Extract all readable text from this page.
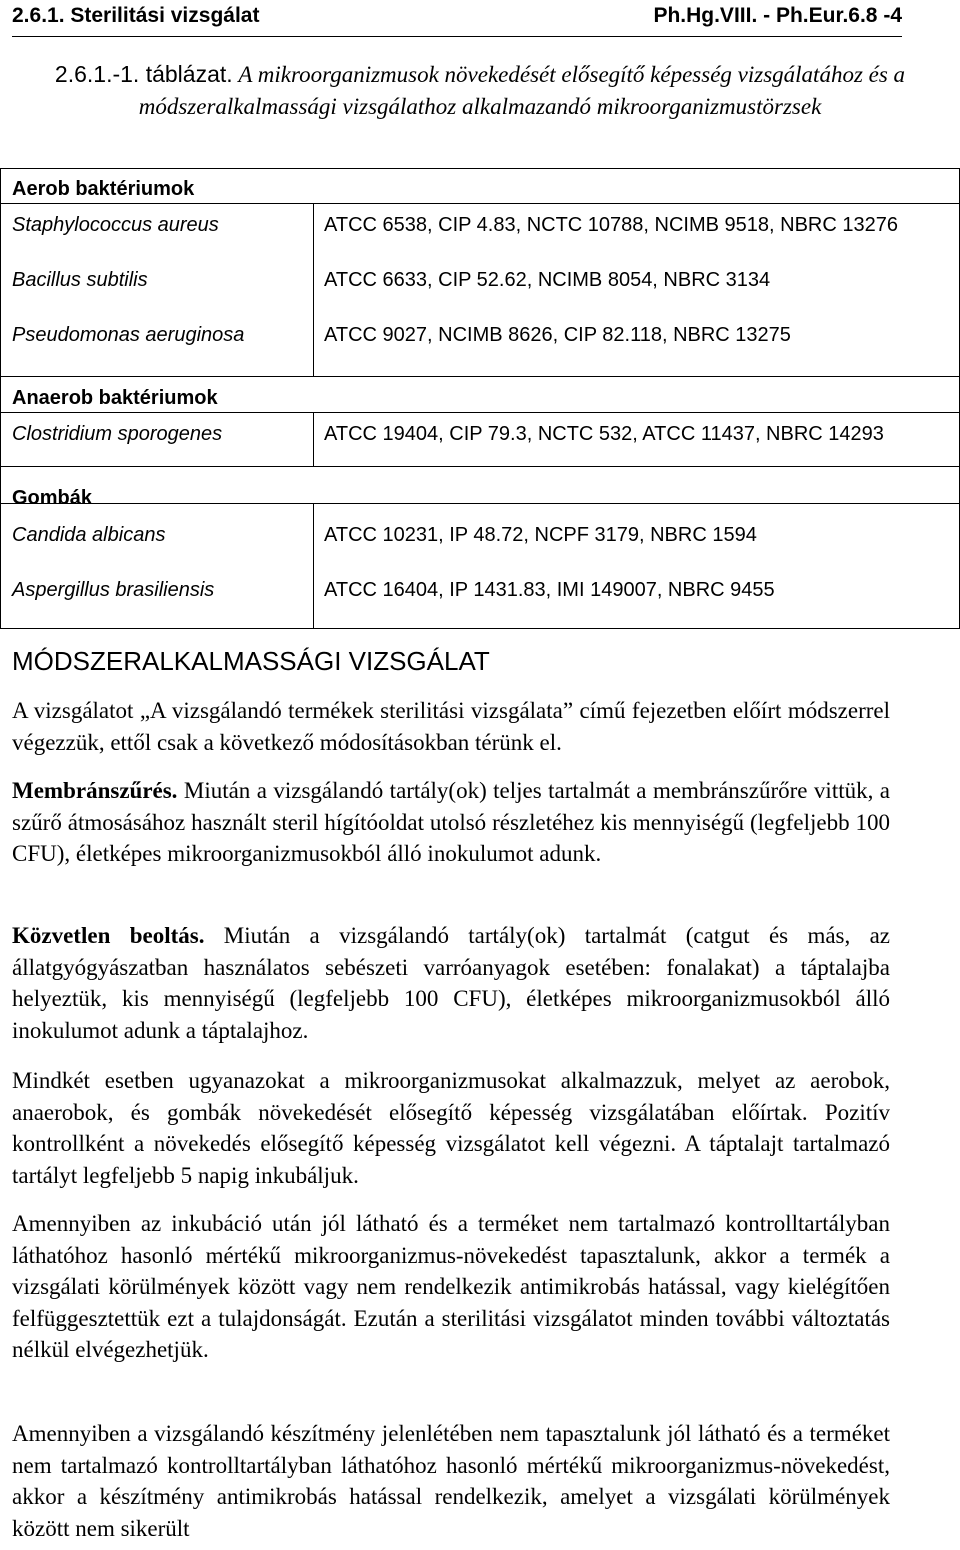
2.6.1. Sterilitási vizsgálat	Ph.Hg.VIII. - Ph.Eur.6.8 -4
2.6.1.-1. táblázat. A mikroorganizmusok növekedését elősegítő képesség vizsgálatához és a módszeralkalmassági vizsgálathoz alkalmazandó mikroorganizmustörzsek
Aerob baktériumok
Staphylococcus aureus	ATCC 6538, CIP 4.83, NCTC 10788, NCIMB 9518, NBRC 13276
Bacillus subtilis	ATCC 6633, CIP 52.62, NCIMB 8054, NBRC 3134
Pseudomonas aeruginosa	ATCC 9027, NCIMB 8626, CIP 82.118, NBRC 13275
Anaerob baktériumok
Clostridium sporogenes	ATCC 19404, CIP 79.3, NCTC 532, ATCC 11437, NBRC 14293
Gombák
Candida albicans	ATCC 10231, IP 48.72, NCPF 3179, NBRC 1594
Aspergillus brasiliensis	ATCC 16404, IP 1431.83, IMI 149007, NBRC 9455
MÓDSZERALKALMASSÁGI VIZSGÁLAT
A vizsgálatot „A vizsgálandó termékek sterilitási vizsgálata” című fejezetben előírt módszerrel végezzük, ettől csak a következő módosításokban térünk el.
Membránszűrés. Miután a vizsgálandó tartály(ok) teljes tartalmát a membránszűrőre vittük, a szűrő átmosásához használt steril hígítóoldat utolsó részletéhez kis mennyiségű (legfeljebb 100 CFU), életképes mikroorganizmusokból álló inokulumot adunk.
Közvetlen beoltás. Miután a vizsgálandó tartály(ok) tartalmát (catgut és más, az állatgyógyászatban használatos sebészeti varróanyagok esetében: fonalakat) a táptalajba helyeztük, kis mennyiségű (legfeljebb 100 CFU), életképes mikroorganizmusokból álló inokulumot adunk a táptalajhoz.
Mindkét esetben ugyanazokat a mikroorganizmusokat alkalmazzuk, melyet az aerobok, anaerobok, és gombák növekedését elősegítő képesség vizsgálatában előírtak. Pozitív kontrollként a növekedés elősegítő képesség vizsgálatot kell végezni. A táptalajt tartalmazó tartályt legfeljebb 5 napig inkubáljuk.
Amennyiben az inkubáció után jól látható és a terméket nem tartalmazó kontrolltartályban láthatóhoz hasonló mértékű mikroorganizmus-növekedést tapasztalunk, akkor a termék a vizsgálati körülmények között vagy nem rendelkezik antimikrobás hatással, vagy kielégítően felfüggesztettük ezt a tulajdonságát. Ezután a sterilitási vizsgálatot minden további változtatás nélkül elvégezhetjük.
Amennyiben a vizsgálandó készítmény jelenlétében nem tapasztalunk jól látható és a terméket nem tartalmazó kontrolltartályban láthatóhoz hasonló mértékű mikroorganizmus-növekedést, akkor a készítmény antimikrobás hatással rendelkezik, amelyet a vizsgálati körülmények között nem sikerült
